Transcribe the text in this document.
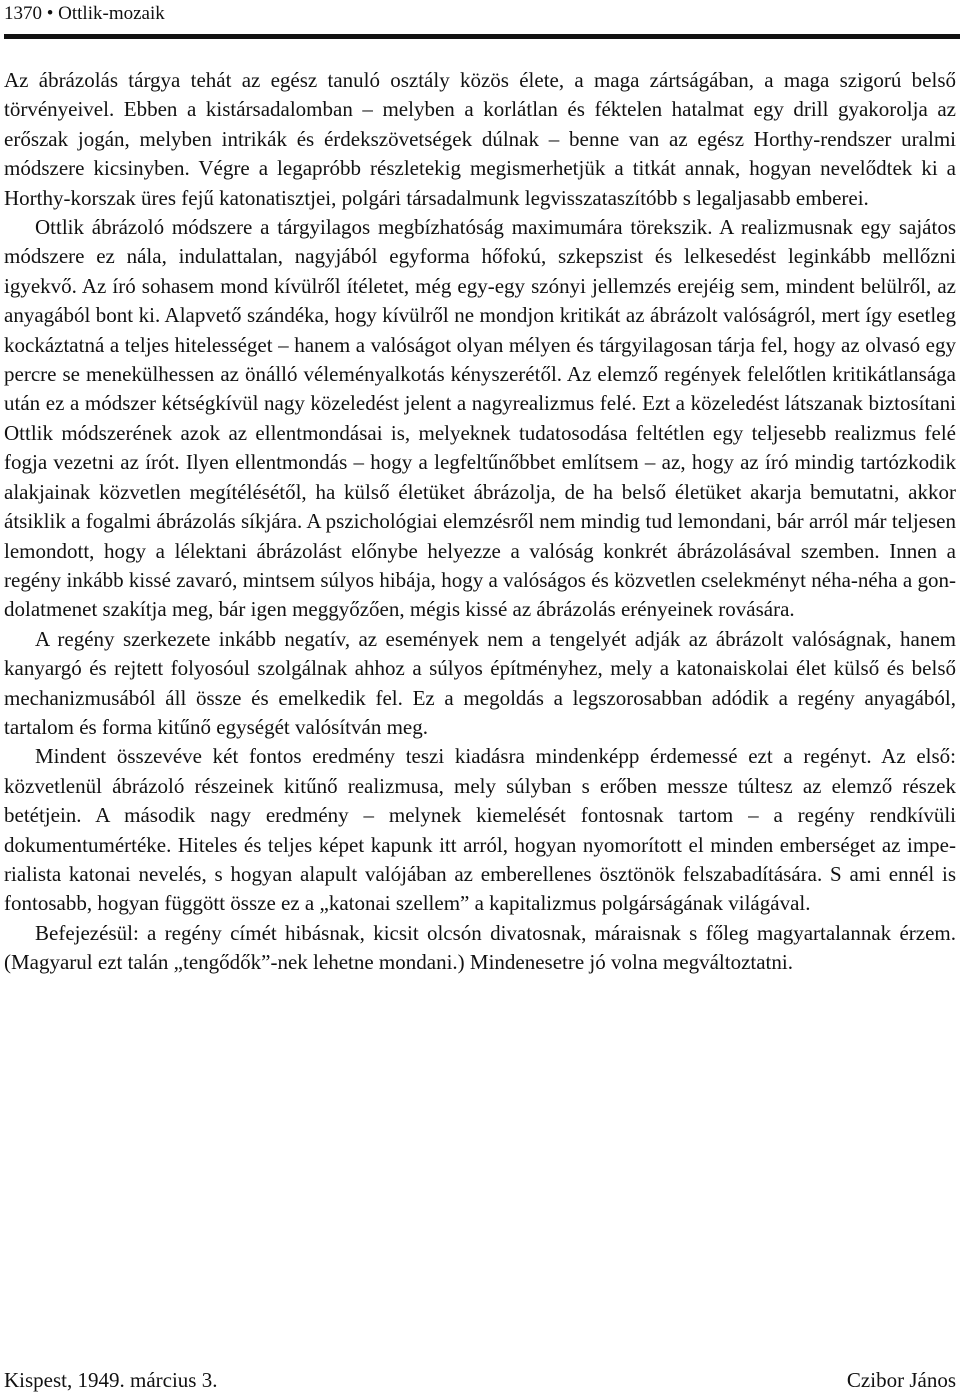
1370 • Ottlik-mozaik

Az ábrázolás tárgya tehát az egész tanuló osztály közös élete, a maga zártságában, a maga szigorú belső törvényeivel. Ebben a kistársadalomban – melyben a korlátlan és féktelen hatalmat egy drill gyakorolja az erőszak jogán, melyben intrikák és érdekszövetségek dúlnak – benne van az egész Horthy-rendszer uralmi módszere kicsinyben. Végre a legapróbb részletekig megismerhetjük a titkát annak, hogyan nevelődtek ki a Horthy-korszak üres fejű katonatisztjei, polgári társadalmunk legvisszataszítóbb s legaljasabb emberei.

Ottlik ábrázoló módszere a tárgyilagos megbízhatóság maximumára törekszik. A realizmusnak egy sajátos módszere ez nála, indulattalan, nagyjából egyforma hőfokú, szkepszist és lelkesedést leginkább mellőzni igyekvő. Az író sohasem mond kívülről ítéletet, még egy-egy szónyi jellemzés erejéig sem, mindent belülről, az anyagából bont ki. Alapvető szándéka, hogy kívülről ne mondjon kritikát az ábrázolt valóságról, mert így esetleg kockáztatná a teljes hitelességet – hanem a valóságot olyan mélyen és tárgyilagosan tárja fel, hogy az olvasó egy percre se menekülhessen az önálló véleményalkotás kényszerétől. Az elemző regények felelőtlen kritikátlansága után ez a módszer kétségkívül nagy közeledést jelent a nagyrealizmus felé. Ezt a közeledést látszanak biztosítani Ottlik módszerének azok az ellentmondásai is, melyeknek tudatosodása feltétlen egy teljesebb realizmus felé fogja vezetni az írót. Ilyen ellentmondás – hogy a legfeltűnőbbet említsem – az, hogy az író mindig tartózkodik alakjainak közvetlen megítélésétől, ha külső életüket ábrázolja, de ha belső életüket akarja bemutatni, akkor átsiklik a fogalmi ábrázolás síkjára. A pszichológiai elemzésről nem mindig tud lemondani, bár arról már teljesen lemondott, hogy a lélektani ábrázolást előnybe helyezze a valóság konkrét ábrázolásával szemben. Innen a regény inkább kissé zavaró, mintsem súlyos hibája, hogy a valóságos és közvetlen cselekményt néha-néha a gondolatmenet szakítja meg, bár igen meggyőzően, mégis kissé az ábrázolás erényeinek rovására.

A regény szerkezete inkább negatív, az események nem a tengelyét adják az ábrázolt valóságnak, hanem kanyargó és rejtett folyosóul szolgálnak ahhoz a súlyos építményhez, mely a katonaiskolai élet külső és belső mechanizmusából áll össze és emelkedik fel. Ez a megoldás a legszorosabban adódik a regény anyagából, tartalom és forma kitűnő egységét valósítván meg.

Mindent összevéve két fontos eredmény teszi kiadásra mindenképp érdemessé ezt a regényt. Az első: közvetlenül ábrázoló részeinek kitűnő realizmusa, mely súlyban s erőben messze túltesz az elemző részek betétjein. A második nagy eredmény – melynek kiemelését fontosnak tartom – a regény rendkívüli dokumentumértéke. Hiteles és teljes képet kapunk itt arról, hogyan nyomorított el minden emberséget az imperialista katonai nevelés, s hogyan alapult valójában az emberellenes ösztönök felszabadítására. S ami ennél is fontosabb, hogyan függött össze ez a „katonai szellem” a kapitalizmus polgárságának világával.

Befejezésül: a regény címét hibásnak, kicsit olcsón divatosnak, máraisnak s főleg magyartalannak érzem. (Magyarul ezt talán „tengődők”-nek lehetne mondani.) Mindenesetre jó volna megváltoztatni.

Kispest, 1949. március 3.	Czibor János
